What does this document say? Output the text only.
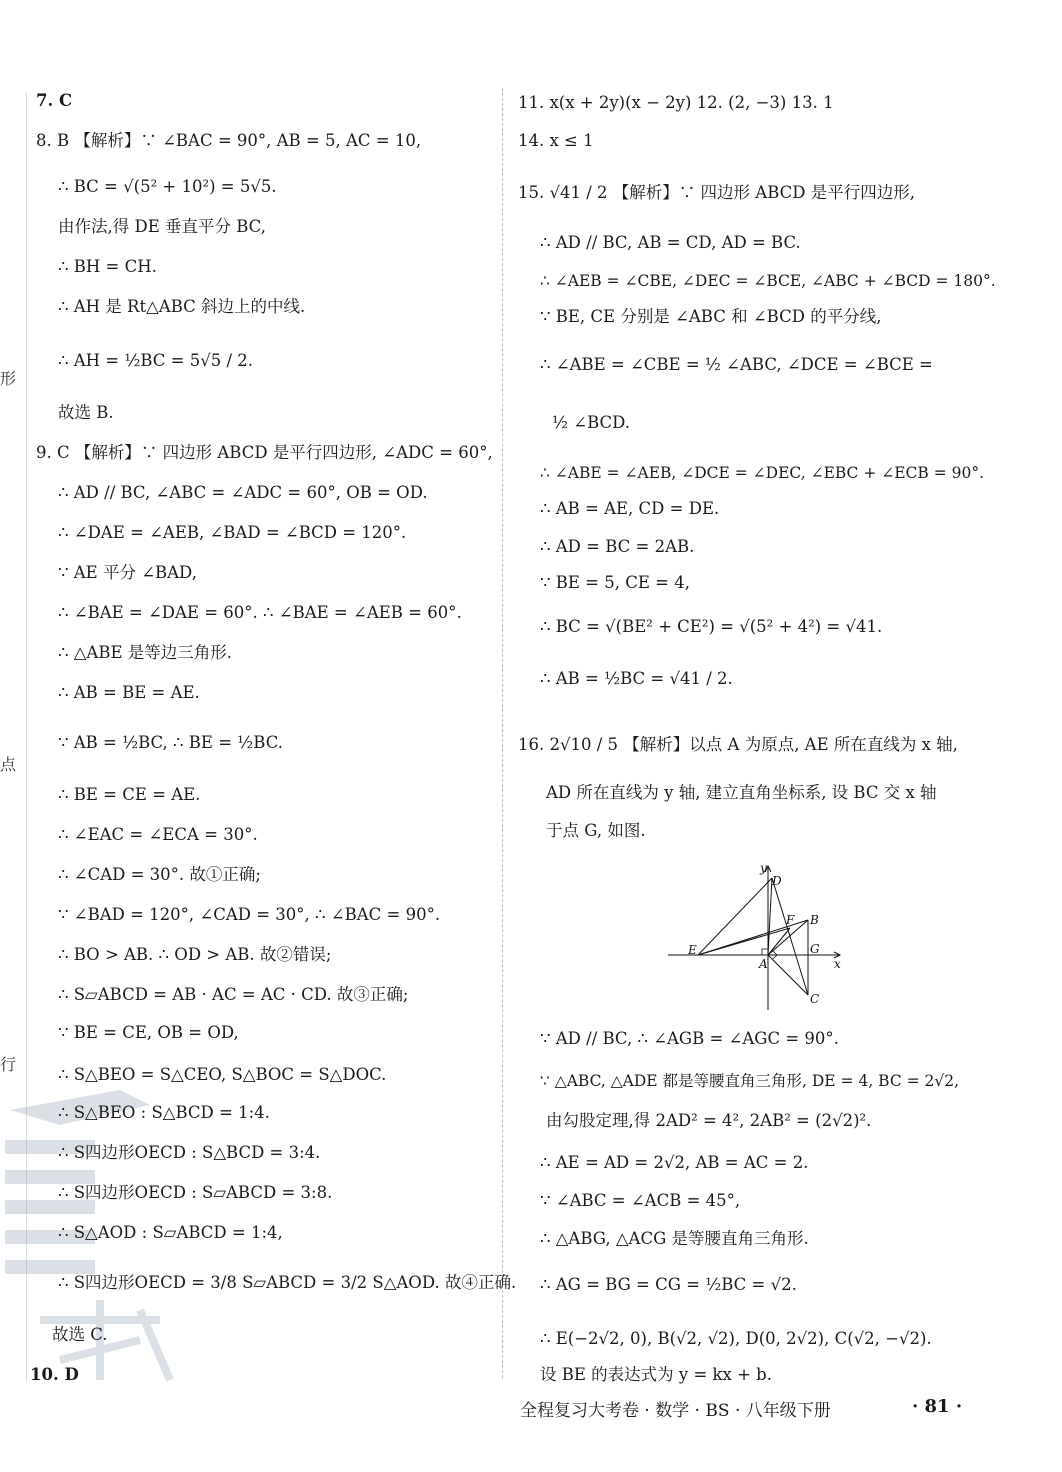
形
点
行
7. C
8. B 【解析】∵ ∠BAC = 90°, AB = 5, AC = 10,
∴ BC = √(5² + 10²) = 5√5.
由作法,得 DE 垂直平分 BC,
∴ BH = CH.
∴ AH 是 Rt△ABC 斜边上的中线.
∴ AH = ½BC = 5√5 / 2.
故选 B.
9. C 【解析】∵ 四边形 ABCD 是平行四边形, ∠ADC = 60°,
∴ AD // BC, ∠ABC = ∠ADC = 60°, OB = OD.
∴ ∠DAE = ∠AEB, ∠BAD = ∠BCD = 120°.
∵ AE 平分 ∠BAD,
∴ ∠BAE = ∠DAE = 60°. ∴ ∠BAE = ∠AEB = 60°.
∴ △ABE 是等边三角形.
∴ AB = BE = AE.
∵ AB = ½BC, ∴ BE = ½BC.
∴ BE = CE = AE.
∴ ∠EAC = ∠ECA = 30°.
∴ ∠CAD = 30°. 故①正确;
∵ ∠BAD = 120°, ∠CAD = 30°, ∴ ∠BAC = 90°.
∴ BO > AB. ∴ OD > AB. 故②错误;
∴ S▱ABCD = AB · AC = AC · CD. 故③正确;
∵ BE = CE, OB = OD,
∴ S△BEO = S△CEO, S△BOC = S△DOC.
∴ S△BEO : S△BCD = 1:4.
∴ S四边形OECD : S△BCD = 3:4.
∴ S四边形OECD : S▱ABCD = 3:8.
∴ S△AOD : S▱ABCD = 1:4,
∴ S四边形OECD = 3/8 S▱ABCD = 3/2 S△AOD. 故④正确.
故选 C.
10. D
11. x(x + 2y)(x − 2y) 12. (2, −3) 13. 1
14. x ≤ 1
15. √41 / 2 【解析】∵ 四边形 ABCD 是平行四边形,
∴ AD // BC, AB = CD, AD = BC.
∴ ∠AEB = ∠CBE, ∠DEC = ∠BCE, ∠ABC + ∠BCD = 180°.
∵ BE, CE 分别是 ∠ABC 和 ∠BCD 的平分线,
∴ ∠ABE = ∠CBE = ½ ∠ABC, ∠DCE = ∠BCE =
½ ∠BCD.
∴ ∠ABE = ∠AEB, ∠DCE = ∠DEC, ∠EBC + ∠ECB = 90°.
∴ AB = AE, CD = DE.
∴ AD = BC = 2AB.
∵ BE = 5, CE = 4,
∴ BC = √(BE² + CE²) = √(5² + 4²) = √41.
∴ AB = ½BC = √41 / 2.
16. 2√10 / 5 【解析】以点 A 为原点, AE 所在直线为 x 轴,
AD 所在直线为 y 轴, 建立直角坐标系, 设 BC 交 x 轴
于点 G, 如图.
∵ AD // BC, ∴ ∠AGB = ∠AGC = 90°.
∵ △ABC, △ADE 都是等腰直角三角形, DE = 4, BC = 2√2,
由勾股定理,得 2AD² = 4², 2AB² = (2√2)².
∴ AE = AD = 2√2, AB = AC = 2.
∵ ∠ABC = ∠ACB = 45°,
∴ △ABG, △ACG 是等腰直角三角形.
∴ AG = BG = CG = ½BC = √2.
∴ E(−2√2, 0), B(√2, √2), D(0, 2√2), C(√2, −√2).
设 BE 的表达式为 y = kx + b.
y
D
F B
E	G
A	x
C
全程复习大考卷 · 数学 · BS · 八年级下册	· 81 ·
